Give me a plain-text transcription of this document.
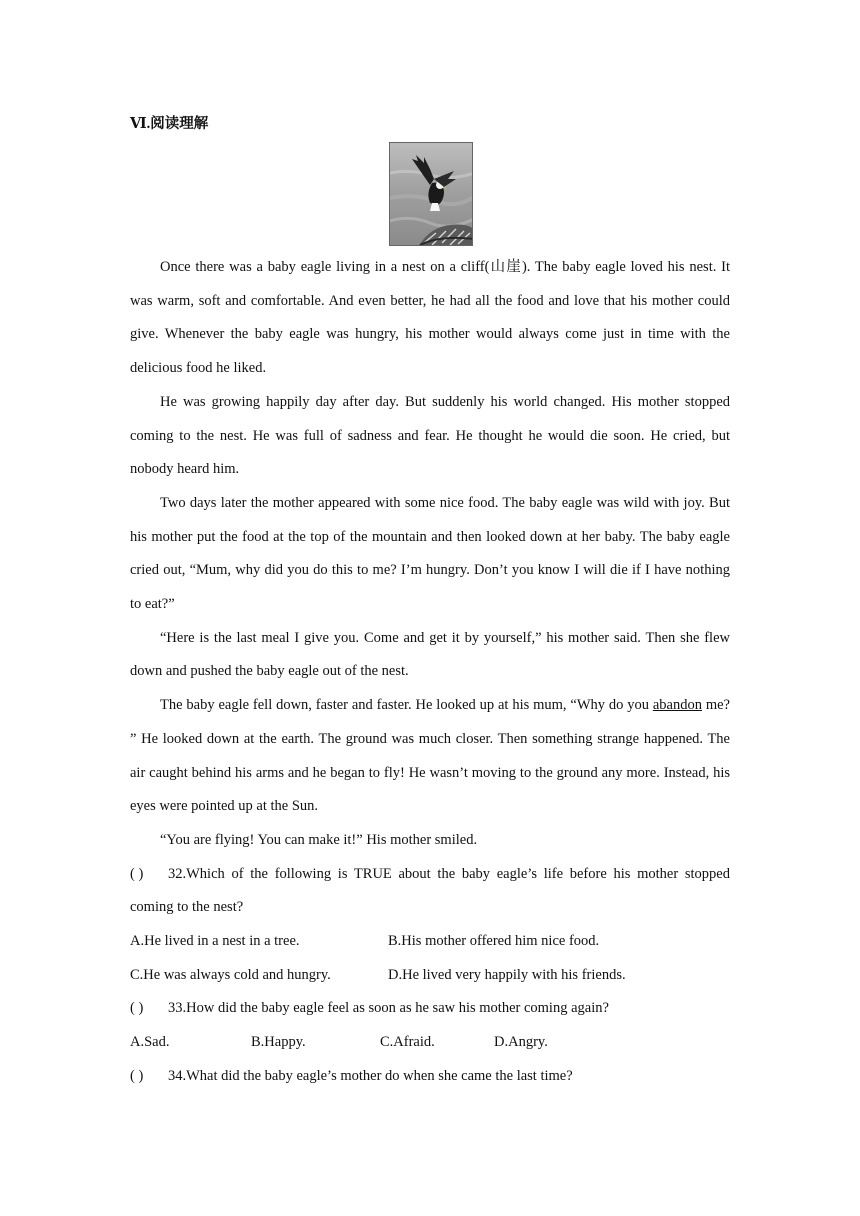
Ⅵ.阅读理解

Once there was a baby eagle living in a nest on a cliff(山崖). The baby eagle loved his nest. It was warm, soft and comfortable. And even better, he had all the food and love that his mother could give. Whenever the baby eagle was hungry, his mother would always come just in time with the delicious food he liked.

He was growing happily day after day. But suddenly his world changed. His mother stopped coming to the nest. He was full of sadness and fear. He thought he would die soon. He cried, but nobody heard him.

Two days later the mother appeared with some nice food. The baby eagle was wild with joy. But his mother put the food at the top of the mountain and then looked down at her baby. The baby eagle cried out, “Mum, why did you do this to me? I’m hungry. Don’t you know I will die if I have nothing to eat?”

“Here is the last meal I give you. Come and get it by yourself,” his mother said. Then she flew down and pushed the baby eagle out of the nest.

The baby eagle fell down, faster and faster. He looked up at his mum, “Why do you abandon me? ” He looked down at the earth. The ground was much closer. Then something strange happened. The air caught behind his arms and he began to fly! He wasn’t moving to the ground any more. Instead, his eyes were pointed up at the Sun.

“You are flying! You can make it!” His mother smiled.

( ) 32.Which of the following is TRUE about the baby eagle’s life before his mother stopped coming to the nest?

A.He lived in a nest in a tree.	B.His mother offered him nice food.
C.He was always cold and hungry.	D.He lived very happily with his friends.

( ) 33.How did the baby eagle feel as soon as he saw his mother coming again?

A.Sad.	B.Happy.	C.Afraid.	D.Angry.

( ) 34.What did the baby eagle’s mother do when she came the last time?
